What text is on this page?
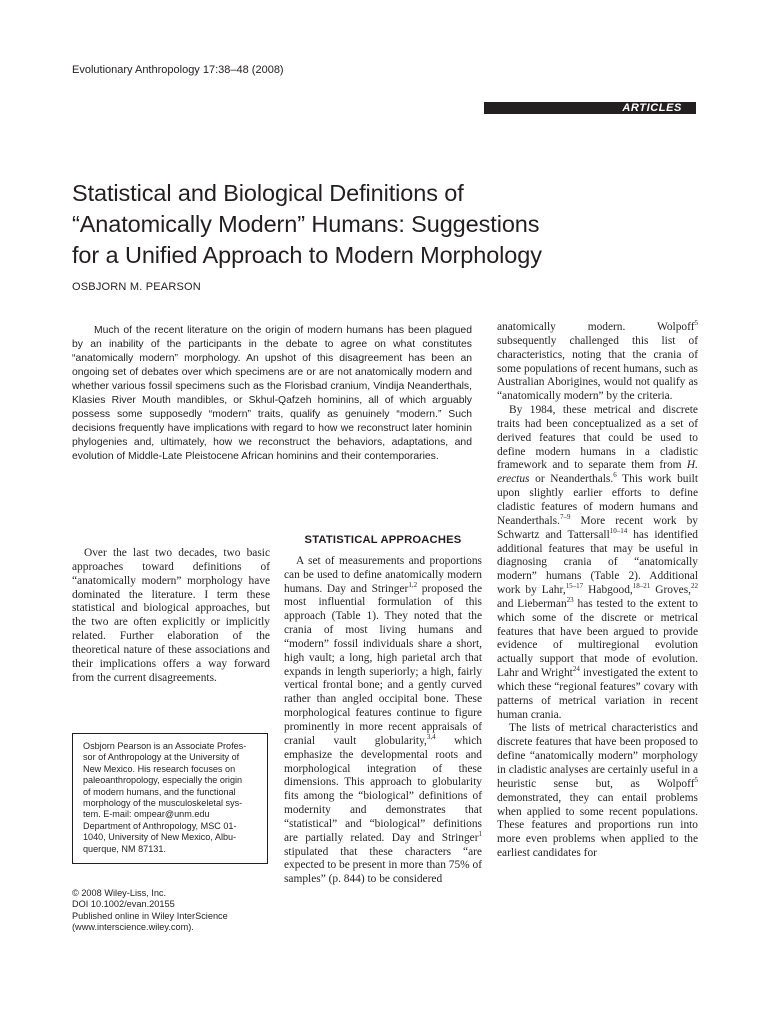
Evolutionary Anthropology 17:38–48 (2008)
ARTICLES
Statistical and Biological Definitions of
“Anatomically Modern” Humans: Suggestions
for a Unified Approach to Modern Morphology
OSBJORN M. PEARSON

Much of the recent literature on the origin of modern humans has been plagued by an inability of the participants in the debate to agree on what constitutes “anatomically modern” morphology. An upshot of this disagreement has been an ongoing set of debates over which specimens are or are not anatomically modern and whether various fossil specimens such as the Florisbad cranium, Vindija Neanderthals, Klasies River Mouth mandibles, or Skhul-Qafzeh hominins, all of which arguably possess some supposedly “modern” traits, qualify as genuinely “modern.” Such decisions frequently have implications with regard to how we reconstruct later hominin phylogenies and, ultimately, how we reconstruct the behaviors, adaptations, and evolution of Middle-Late Pleistocene African hominins and their contemporaries.

Over the last two decades, two basic approaches toward definitions of “anatomically modern” morphology have dominated the literature. I term these statistical and biological approaches, but the two are often explicitly or implicitly related. Further elaboration of the theoretical nature of these associations and their implications offers a way forward from the current disagreements.

Osbjorn Pearson is an Associate Profes-
sor of Anthropology at the University of
New Mexico. His research focuses on
paleoanthropology, especially the origin
of modern humans, and the functional
morphology of the musculoskeletal sys-
tem. E-mail: ompear@unm.edu
Department of Anthropology, MSC 01-
1040, University of New Mexico, Albu-
querque, NM 87131.
© 2008 Wiley-Liss, Inc.
DOI 10.1002/evan.20155
Published online in Wiley InterScience
(www.interscience.wiley.com).
STATISTICAL APPROACHES

A set of measurements and proportions can be used to define anatomically modern humans. Day and Stringer$^{1,2}$ proposed the most influential formulation of this approach (Table 1). They noted that the crania of most living humans and “modern” fossil individuals share a short, high vault; a long, high parietal arch that expands in length superiorly; a high, fairly vertical frontal bone; and a gently curved rather than angled occipital bone. These morphological features continue to figure prominently in more recent appraisals of cranial vault globularity,$^{3,4}$ which emphasize the developmental roots and morphological integration of these dimensions. This approach to globularity fits among the “biological” definitions of modernity and demonstrates that “statistical” and “biological” definitions are partially related. Day and Stringer$^1$ stipulated that these characters “are expected to be present in more than 75% of samples” (p. 844) to be considered

anatomically modern. Wolpoff$^5$ subsequently challenged this list of characteristics, noting that the crania of some populations of recent humans, such as Australian Aborigines, would not qualify as “anatomically modern” by the criteria.

By 1984, these metrical and discrete traits had been conceptualized as a set of derived features that could be used to define modern humans in a cladistic framework and to separate them from H. erectus or Neanderthals.$^6$ This work built upon slightly earlier efforts to define cladistic features of modern humans and Neanderthals.$^{7-9}$ More recent work by Schwartz and Tattersall$^{10-14}$ has identified additional features that may be useful in diagnosing crania of “anatomically modern” humans (Table 2). Additional work by Lahr,$^{15-17}$ Habgood,$^{18-21}$ Groves,$^{22}$ and Lieberman$^{23}$ has tested to the extent to which some of the discrete or metrical features that have been argued to provide evidence of multiregional evolution actually support that mode of evolution. Lahr and Wright$^{24}$ investigated the extent to which these “regional features” covary with patterns of metrical variation in recent human crania.

The lists of metrical characteristics and discrete features that have been proposed to define “anatomically modern” morphology in cladistic analyses are certainly useful in a heuristic sense but, as Wolpoff$^5$ demonstrated, they can entail problems when applied to some recent populations. These features and proportions run into more even problems when applied to the earliest candidates for
